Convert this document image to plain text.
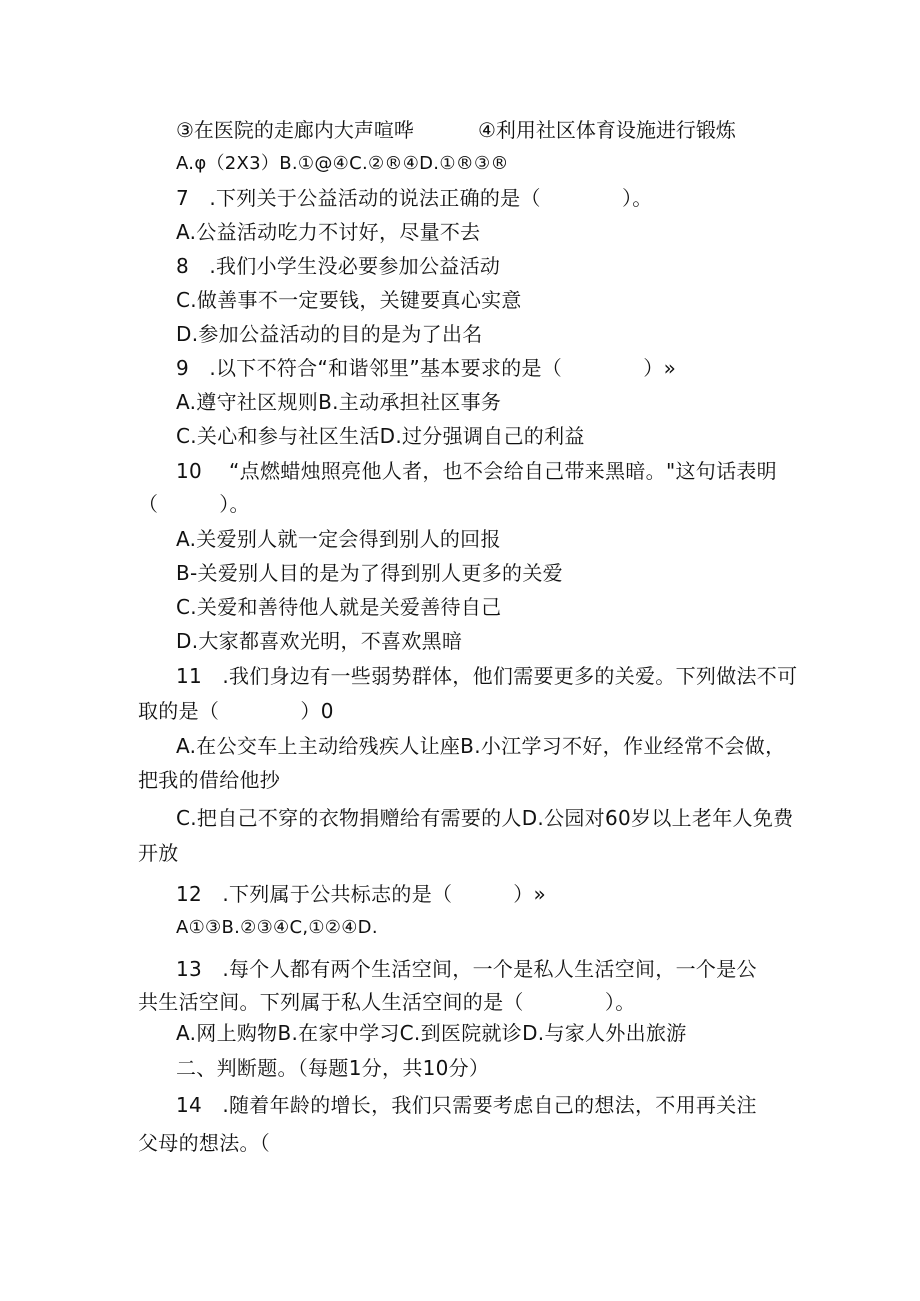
③在医院的走廊内大声喧哗	④利用社区体育设施进行锻炼
A.φ（2X3）B.①@④C.②®④D.①®③®
7　.下列关于公益活动的说法正确的是（　　　　）。
A.公益活动吃力不讨好，尽量不去
8　.我们小学生没必要参加公益活动
C.做善事不一定要钱，关键要真心实意
D.参加公益活动的目的是为了出名
9　.以下不符合“和谐邻里”基本要求的是（　　　　）»
A.遵守社区规则B.主动承担社区事务
C.关心和参与社区生活D.过分强调自己的利益
10　 “点燃蜡烛照亮他人者，也不会给自己带来黑暗。"这句话表明
（　　　）。
A.关爱别人就一定会得到别人的回报
B-关爱别人目的是为了得到别人更多的关爱
C.关爱和善待他人就是关爱善待自己
D.大家都喜欢光明，不喜欢黑暗
11　.我们身边有一些弱势群体，他们需要更多的关爱。下列做法不可
取的是（　　　　）0
A.在公交车上主动给残疾人让座B.小江学习不好，作业经常不会做，
把我的借给他抄
C.把自己不穿的衣物捐赠给有需要的人D.公园对60岁以上老年人免费
开放
12　.下列属于公共标志的是（　　　）»
A①③B.②③④C,①②④D.
13　.每个人都有两个生活空间，一个是私人生活空间，一个是公
共生活空间。下列属于私人生活空间的是（　　　　）。
A.网上购物B.在家中学习C.到医院就诊D.与家人外出旅游
二、判断题。（每题1分，共10分）
14　.随着年龄的增长，我们只需要考虑自己的想法，不用再关注
父母的想法。（
